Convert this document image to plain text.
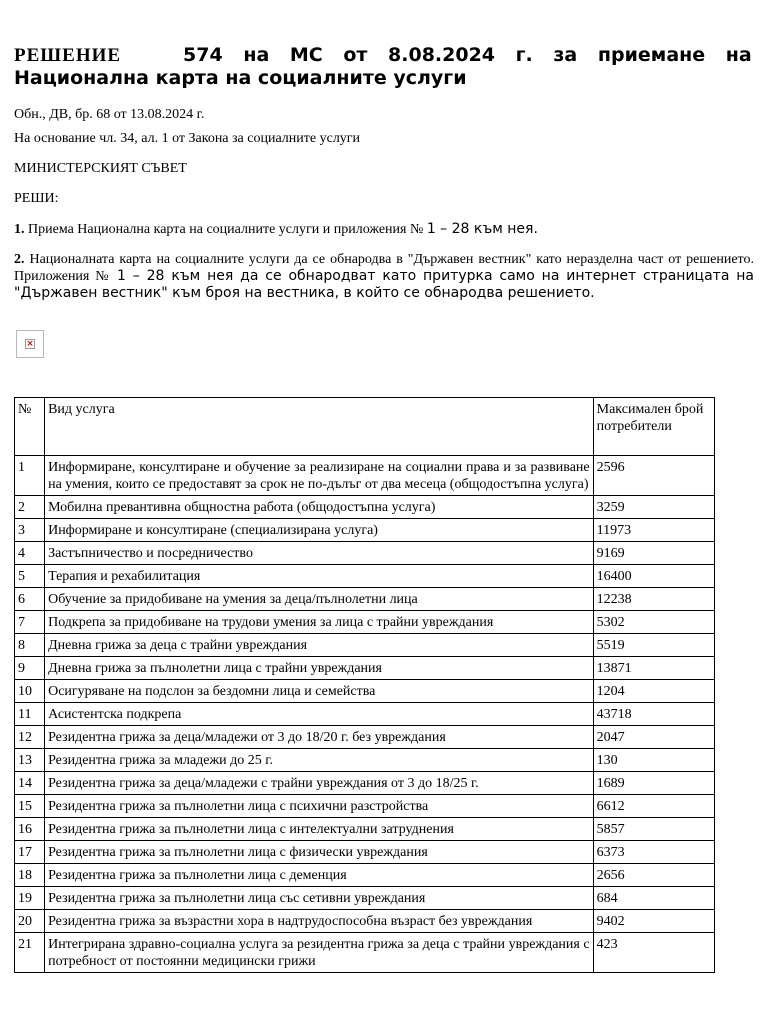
РЕШЕНИЕ	574 на МС от 8.08.2024 г. за приемане на
Национална карта на социалните услуги
Обн., ДВ, бр. 68 от 13.08.2024 г.
На основание чл. 34, ал. 1 от Закона за социалните услуги
МИНИСТЕРСКИЯТ СЪВЕТ
РЕШИ:
1. Приема Национална карта на социалните услуги и приложения № 1 – 28 към нея.
2. Националната карта на социалните услуги да се обнародва в "Държавен вестник" като неразделна част от решението. Приложения № 1 – 28 към нея да се обнародват като притурка само на интернет страницата на "Държавен вестник" към броя на вестника, в който се обнародва решението.
×
№	Вид услуга	Максимален брой потребители
1	Информиране, консултиране и обучение за реализиране на социални права и за развиване на умения, които се предоставят за срок не по-дълъг от два месеца (общодостъпна услуга)	2596
2	Мобилна превантивна общностна работа (общодостъпна услуга)	3259
3	Информиране и консултиране (специализирана услуга)	11973
4	Застъпничество и посредничество	9169
5	Терапия и рехабилитация	16400
6	Обучение за придобиване на умения за деца/пълнолетни лица	12238
7	Подкрепа за придобиване на трудови умения за лица с трайни увреждания	5302
8	Дневна грижа за деца с трайни увреждания	5519
9	Дневна грижа за пълнолетни лица с трайни увреждания	13871
10	Осигуряване на подслон за бездомни лица и семейства	1204
11	Асистентска подкрепа	43718
12	Резидентна грижа за деца/младежи от 3 до 18/20 г. без увреждания	2047
13	Резидентна грижа за младежи до 25 г.	130
14	Резидентна грижа за деца/младежи с трайни увреждания от 3 до 18/25 г.	1689
15	Резидентна грижа за пълнолетни лица с психични разстройства	6612
16	Резидентна грижа за пълнолетни лица с интелектуални затруднения	5857
17	Резидентна грижа за пълнолетни лица с физически увреждания	6373
18	Резидентна грижа за пълнолетни лица с деменция	2656
19	Резидентна грижа за пълнолетни лица със сетивни увреждания	684
20	Резидентна грижа за възрастни хора в надтрудоспособна възраст без увреждания	9402
21	Интегрирана здравно-социална услуга за резидентна грижа за деца с трайни увреждания с потребност от постоянни медицински грижи	423
